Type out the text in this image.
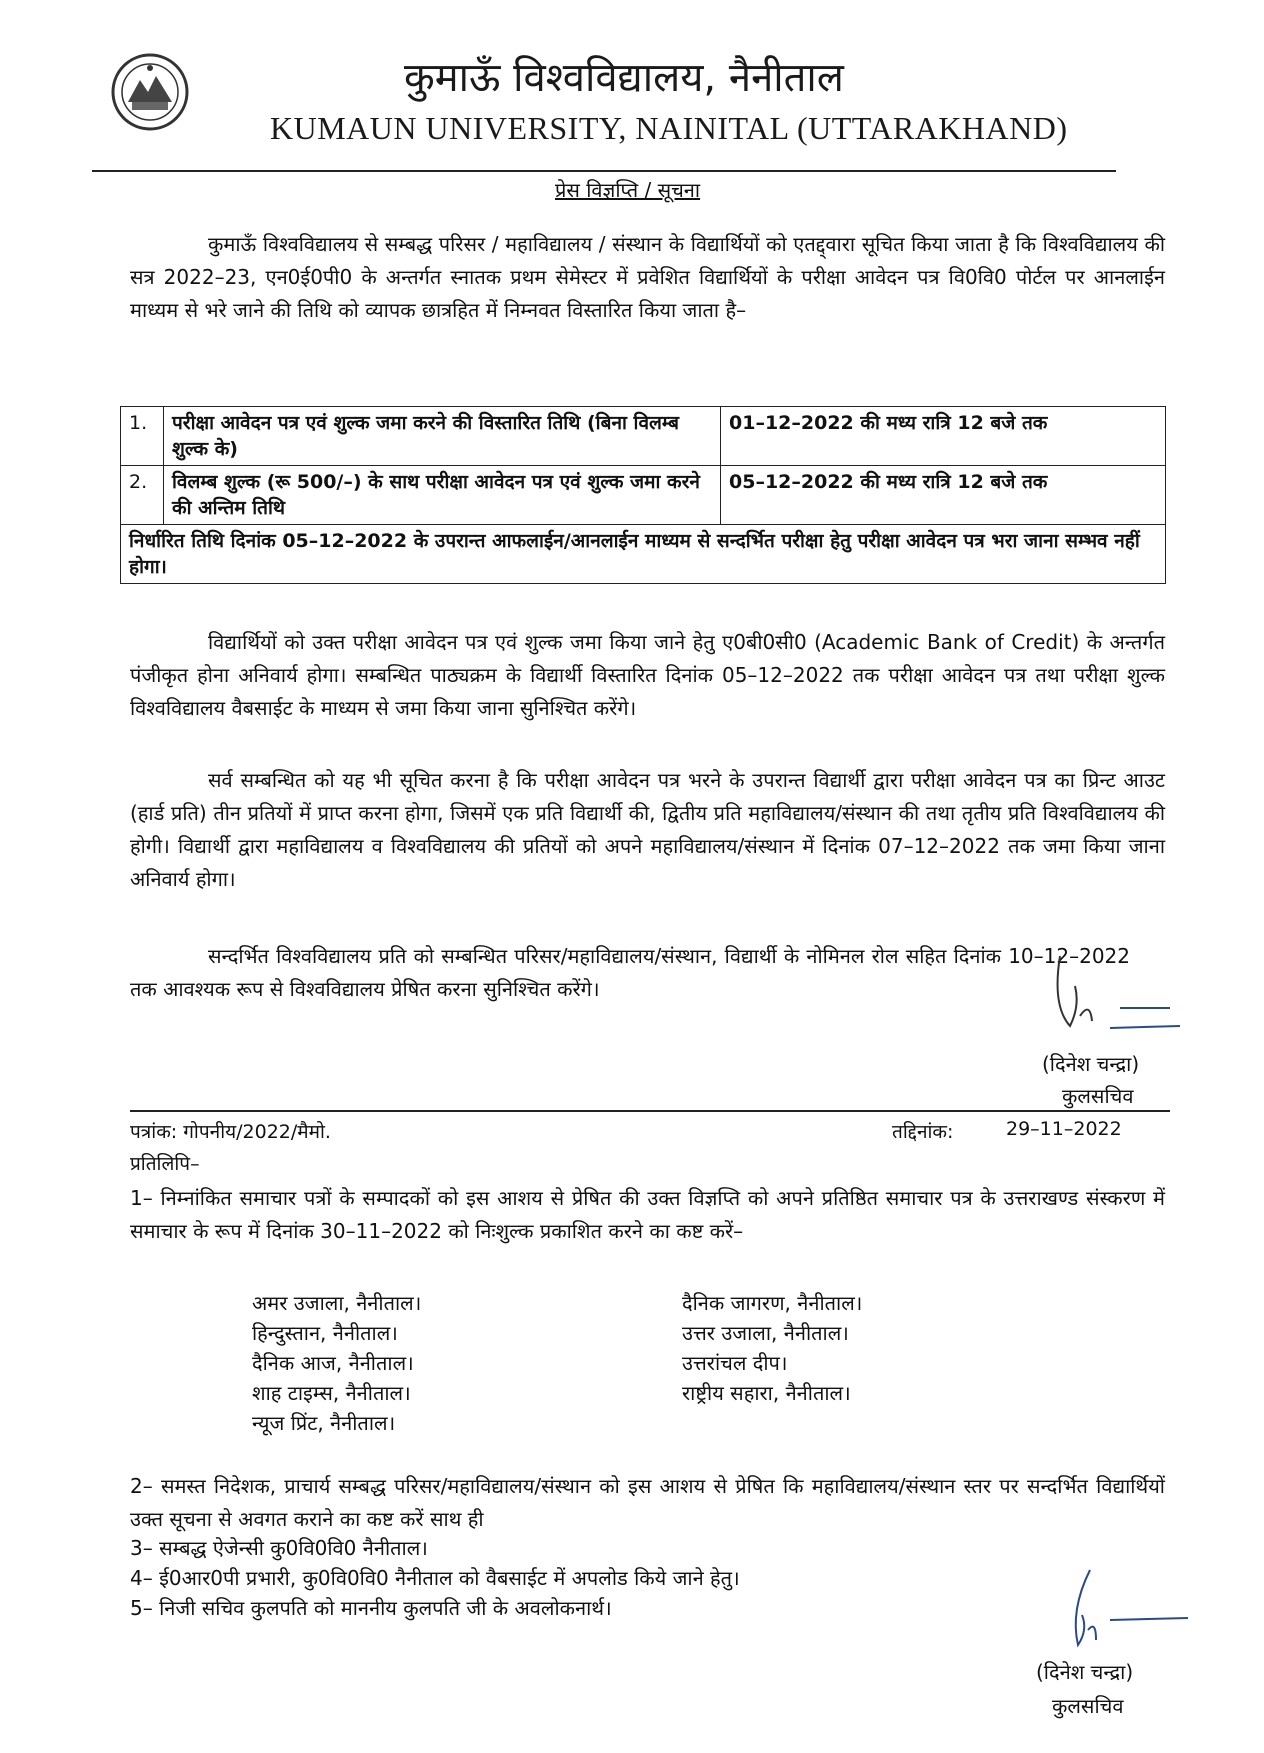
कुमाऊँ विश्वविद्यालय, नैनीताल
KUMAUN UNIVERSITY, NAINITAL (UTTARAKHAND)
प्रेस विज्ञप्ति / सूचना
कुमाऊँ विश्वविद्यालय से सम्बद्ध परिसर / महाविद्यालय / संस्थान के विद्यार्थियों को एतद्द्वारा सूचित किया जाता है कि विश्वविद्यालय की सत्र 2022–23, एन0ई0पी0 के अन्तर्गत स्नातक प्रथम सेमेस्टर में प्रवेशित विद्यार्थियों के परीक्षा आवेदन पत्र वि0वि0 पोर्टल पर आनलाईन माध्यम से भरे जाने की तिथि को व्यापक छात्रहित में निम्नवत विस्तारित किया जाता है–
1.	परीक्षा आवेदन पत्र एवं शुल्क जमा करने की विस्तारित तिथि (बिना विलम्ब शुल्क के)	01–12–2022 की मध्य रात्रि 12 बजे तक
2.	विलम्ब शुल्क (रू 500/–) के साथ परीक्षा आवेदन पत्र एवं शुल्क जमा करने की अन्तिम तिथि	05–12–2022 की मध्य रात्रि 12 बजे तक
निर्धारित तिथि दिनांक 05–12–2022 के उपरान्त आफलाईन/आनलाईन माध्यम से सन्दर्भित परीक्षा हेतु परीक्षा आवेदन पत्र भरा जाना सम्भव नहीं होगा।		
विद्यार्थियों को उक्त परीक्षा आवेदन पत्र एवं शुल्क जमा किया जाने हेतु ए0बी0सी0 (Academic Bank of Credit) के अन्तर्गत पंजीकृत होना अनिवार्य होगा। सम्बन्धित पाठ्यक्रम के विद्यार्थी विस्तारित दिनांक 05–12–2022 तक परीक्षा आवेदन पत्र तथा परीक्षा शुल्क विश्वविद्यालय वैबसाईट के माध्यम से जमा किया जाना सुनिश्चित करेंगे।
सर्व सम्बन्धित को यह भी सूचित करना है कि परीक्षा आवेदन पत्र भरने के उपरान्त विद्यार्थी द्वारा परीक्षा आवेदन पत्र का प्रिन्ट आउट (हार्ड प्रति) तीन प्रतियों में प्राप्त करना होगा, जिसमें एक प्रति विद्यार्थी की, द्वितीय प्रति महाविद्यालय/संस्थान की तथा तृतीय प्रति विश्वविद्यालय की होगी। विद्यार्थी द्वारा महाविद्यालय व विश्वविद्यालय की प्रतियों को अपने महाविद्यालय/संस्थान में दिनांक 07–12–2022 तक जमा किया जाना अनिवार्य होगा।
सन्दर्भित विश्वविद्यालय प्रति को सम्बन्धित परिसर/महाविद्यालय/संस्थान, विद्यार्थी के नोमिनल रोल सहित दिनांक 10–12–2022 तक आवश्यक रूप से विश्वविद्यालय प्रेषित करना सुनिश्चित करेंगे।
(दिनेश चन्द्रा)
कुलसचिव
पत्रांक: गोपनीय/2022/मैमो.	तद्दिनांक:	29–11–2022
प्रतिलिपि–
1– निम्नांकित समाचार पत्रों के सम्पादकों को इस आशय से प्रेषित की उक्त विज्ञप्ति को अपने प्रतिष्ठित समाचार पत्र के उत्तराखण्ड संस्करण में समाचार के रूप में दिनांक 30–11–2022 को निःशुल्क प्रकाशित करने का कष्ट करें–
अमर उजाला, नैनीताल।
हिन्दुस्तान, नैनीताल।
दैनिक आज, नैनीताल।
शाह टाइम्स, नैनीताल।
न्यूज प्रिंट, नैनीताल।
दैनिक जागरण, नैनीताल।
उत्तर उजाला, नैनीताल।
उत्तरांचल दीप।
राष्ट्रीय सहारा, नैनीताल।
2– समस्त निदेशक, प्राचार्य सम्बद्ध परिसर/महाविद्यालय/संस्थान को इस आशय से प्रेषित कि महाविद्यालय/संस्थान स्तर पर सन्दर्भित विद्यार्थियों उक्त सूचना से अवगत कराने का कष्ट करें साथ ही
3– सम्बद्ध ऐजेन्सी कु0वि0वि0 नैनीताल।
4– ई0आर0पी प्रभारी, कु0वि0वि0 नैनीताल को वैबसाईट में अपलोड किये जाने हेतु।
5– निजी सचिव कुलपति को माननीय कुलपति जी के अवलोकनार्थ।
(दिनेश चन्द्रा)
कुलसचिव
